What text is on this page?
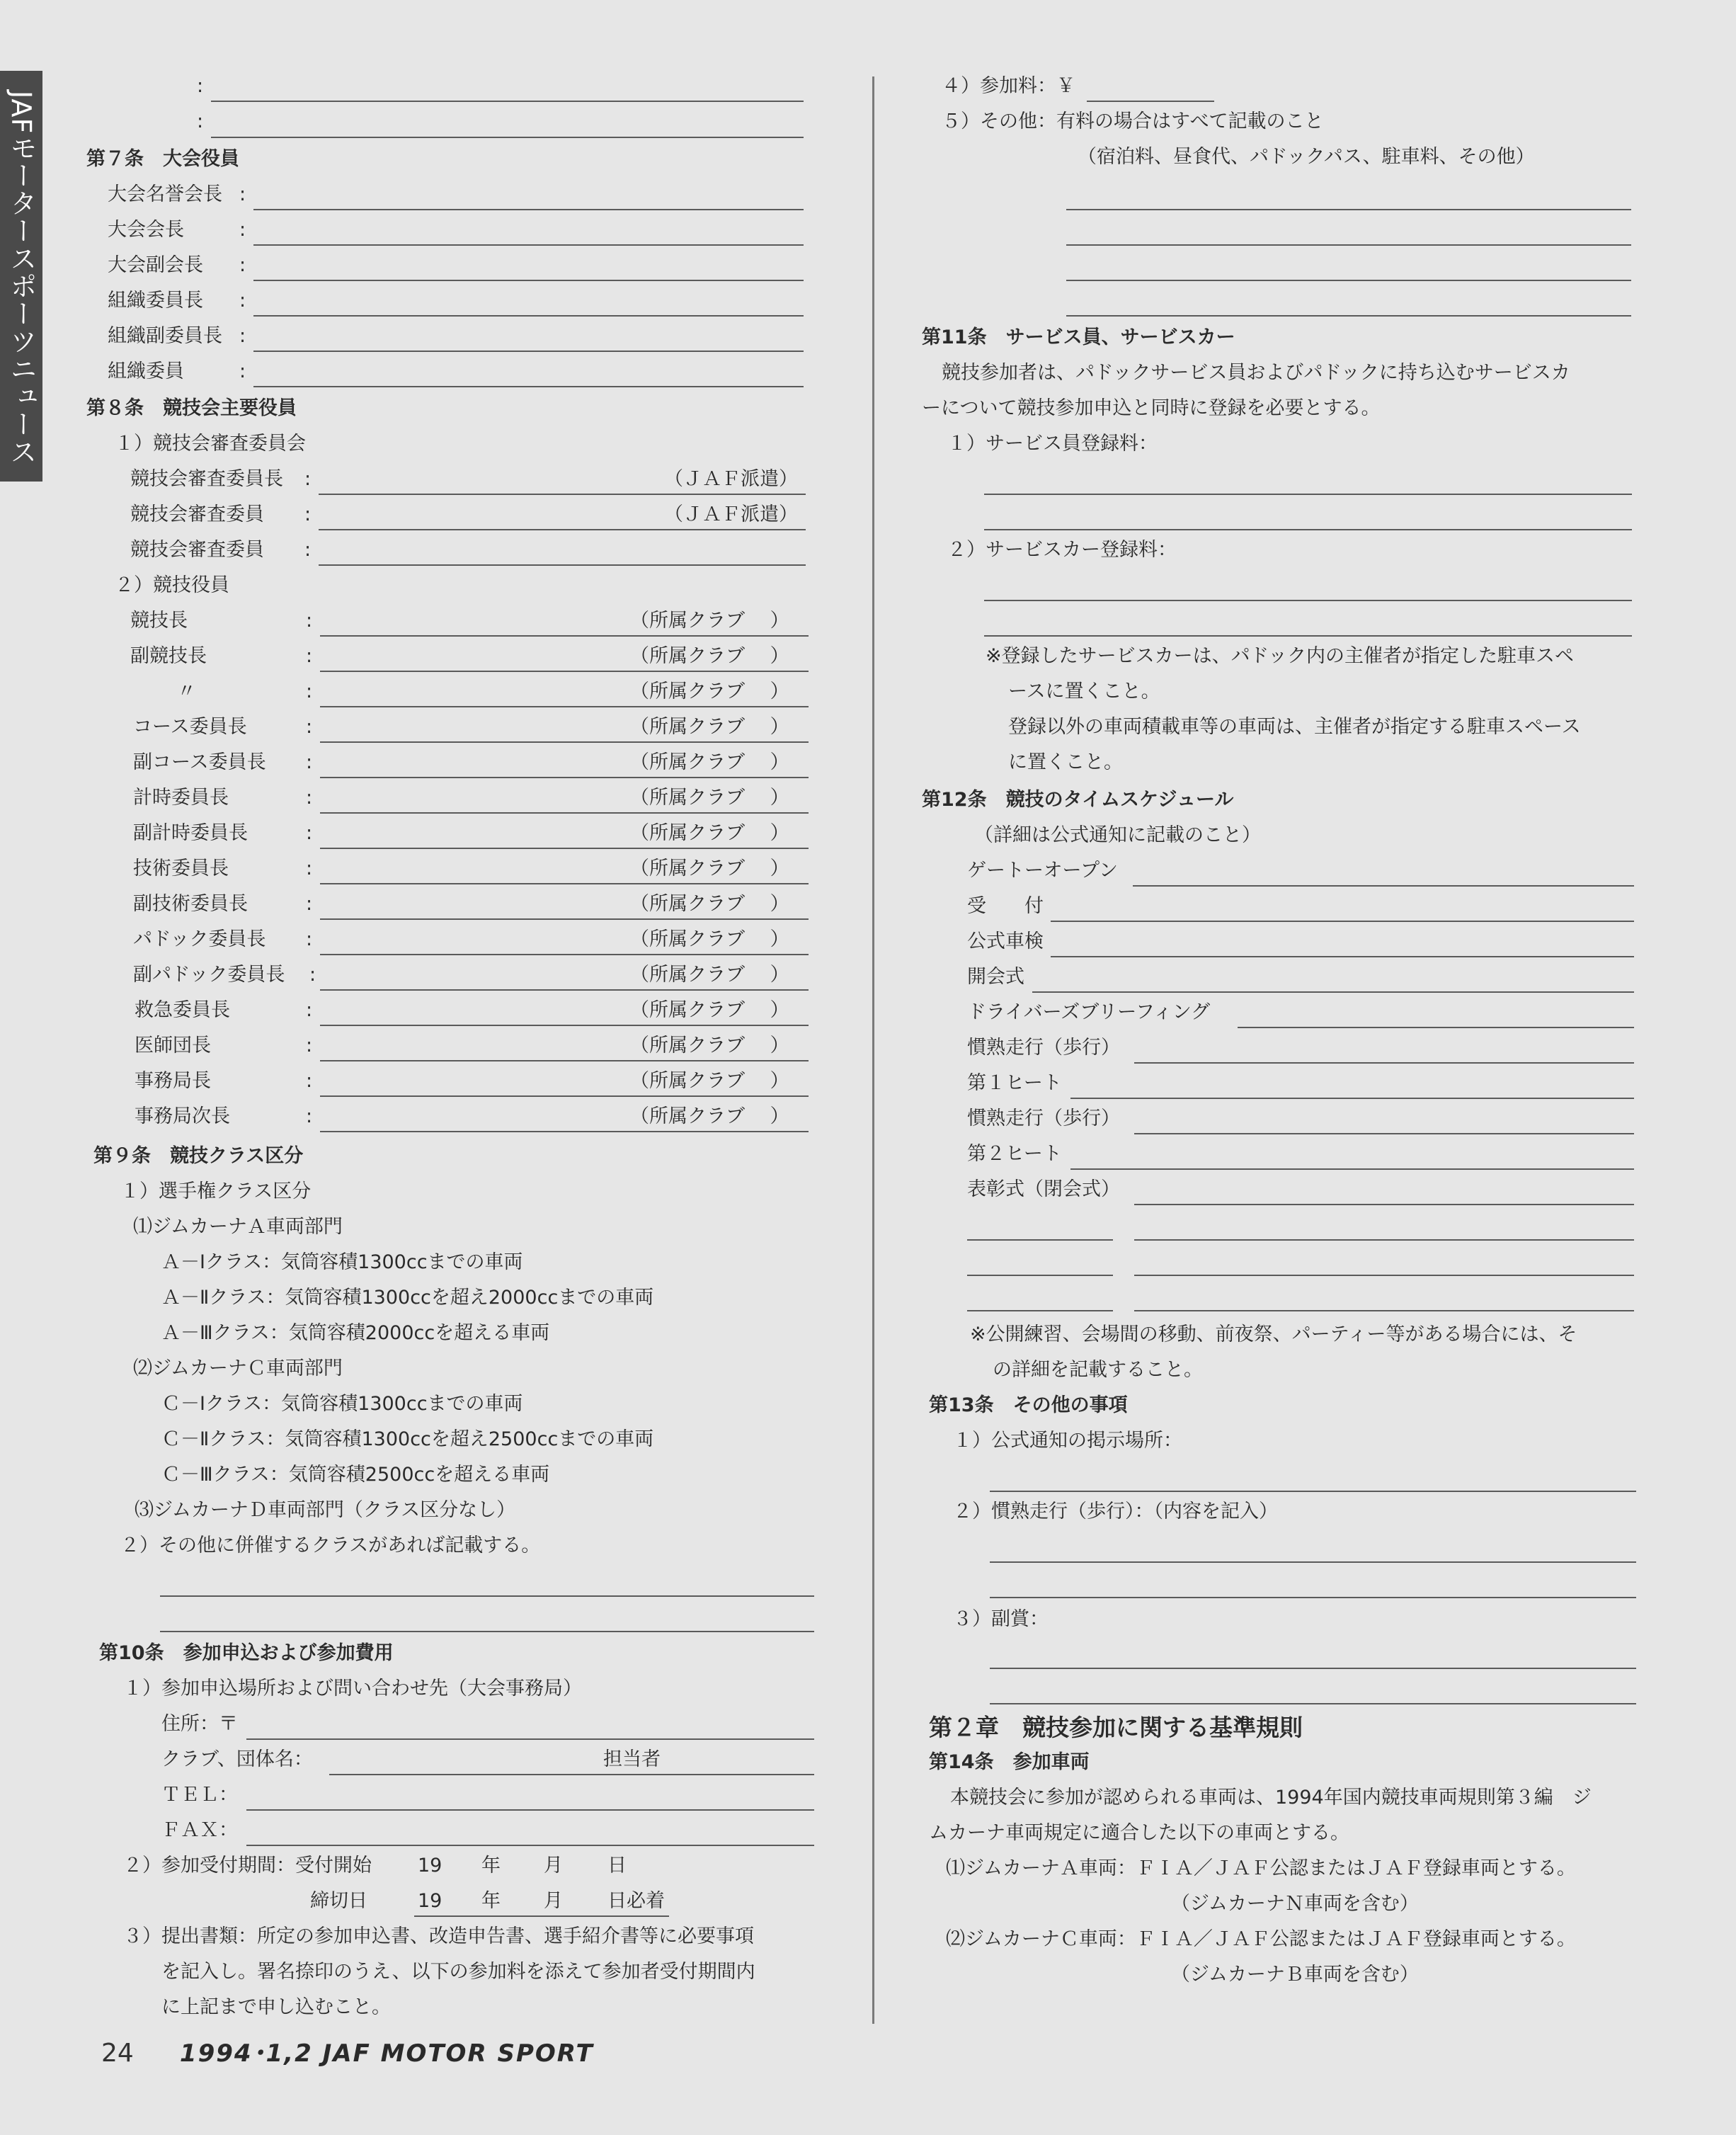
JAFモータースポーツニュース
:
:
第７条　大会役員
大会名誉会長 :
大会会長	:
大会副会長 :
組織委員長 :
組織副委員長 :
組織委員	:
第８条　競技会主要役員
１）競技会審査委員会
競技会審査委員長 :	（ＪＡＦ派遣）
競技会審査委員 :	（ＪＡＦ派遣）
競技会審査委員 :
２）競技役員
競技長	:	（所属クラブ　 ）
副競技長	:	（所属クラブ　 ）
〃	:	（所属クラブ　 ）
コース委員長	:	（所属クラブ　 ）
副コース委員長 :	（所属クラブ　 ）
計時委員長	:	（所属クラブ　 ）
副計時委員長	:	（所属クラブ　 ）
技術委員長	:	（所属クラブ　 ）
副技術委員長	:	（所属クラブ　 ）
パドック委員長 :	（所属クラブ　 ）
副パドック委員長 :	（所属クラブ　 ）
救急委員長	:	（所属クラブ　 ）
医師団長	:	（所属クラブ　 ）
事務局長	:	（所属クラブ　 ）
事務局次長	:	（所属クラブ　 ）
第９条　競技クラス区分
１）選手権クラス区分
⑴ジムカーナＡ車両部門
Ａ－Ⅰクラス：気筒容積1300ccまでの車両
Ａ－Ⅱクラス：気筒容積1300ccを超え2000ccまでの車両
Ａ－Ⅲクラス：気筒容積2000ccを超える車両
⑵ジムカーナＣ車両部門
Ｃ－Ⅰクラス：気筒容積1300ccまでの車両
Ｃ－Ⅱクラス：気筒容積1300ccを超え2500ccまでの車両
Ｃ－Ⅲクラス：気筒容積2500ccを超える車両
⑶ジムカーナＤ車両部門（クラス区分なし）
２）その他に併催するクラスがあれば記載する。
第10条　参加申込および参加費用
１）参加申込場所および問い合わせ先（大会事務局）
住所：〒
クラブ、団体名：	担当者
ＴＥＬ：
ＦＡＸ：
２）参加受付期間：受付開始 19 年 月 日
締切日	19 年 月 日必着
３）提出書類：所定の参加申込書、改造申告書、選手紹介書等に必要事項
を記入し。署名捺印のうえ、以下の参加料を添えて参加者受付期間内
に上記まで申し込むこと。
４）参加料：￥
５）その他：有料の場合はすべて記載のこと
（宿泊料、昼食代、パドックパス、駐車料、その他）
第11条　サービス員、サービスカー
競技参加者は、パドックサービス員およびパドックに持ち込むサービスカ
ーについて競技参加申込と同時に登録を必要とする。
１）サービス員登録料：
２）サービスカー登録料：
※登録したサービスカーは、パドック内の主催者が指定した駐車スペ
ースに置くこと。
登録以外の車両積載車等の車両は、主催者が指定する駐車スペース
に置くこと。
第12条　競技のタイムスケジュール
（詳細は公式通知に記載のこと）
ゲートーオープン
受　　付
公式車検
開会式
ドライバーズブリーフィング
慣熟走行（歩行）
第１ヒート
慣熟走行（歩行）
第２ヒート
表彰式（閉会式）
※公開練習、会場間の移動、前夜祭、パーティー等がある場合には、そ
の詳細を記載すること。
第13条　その他の事項
１）公式通知の掲示場所：
２）慣熟走行（歩行）：（内容を記入）
３）副賞：
第２章　競技参加に関する基準規則
第14条　参加車両
本競技会に参加が認められる車両は、1994年国内競技車両規則第３編　ジ
ムカーナ車両規定に適合した以下の車両とする。
⑴ジムカーナＡ車両：ＦＩＡ／ＪＡＦ公認またはＪＡＦ登録車両とする。
（ジムカーナＮ車両を含む）
⑵ジムカーナＣ車両：ＦＩＡ／ＪＡＦ公認またはＪＡＦ登録車両とする。
（ジムカーナＢ車両を含む）
24 1994･1,2 JAF MOTOR SPORT
